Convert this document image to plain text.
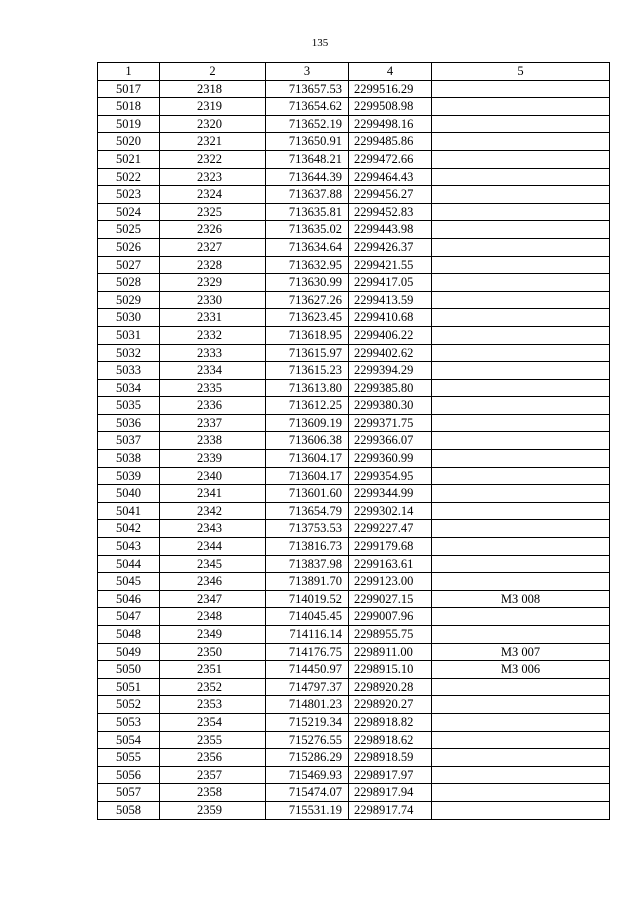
135
1	2	3	4	5
5017	2318	713657.53	2299516.29	
5018	2319	713654.62	2299508.98	
5019	2320	713652.19	2299498.16	
5020	2321	713650.91	2299485.86	
5021	2322	713648.21	2299472.66	
5022	2323	713644.39	2299464.43	
5023	2324	713637.88	2299456.27	
5024	2325	713635.81	2299452.83	
5025	2326	713635.02	2299443.98	
5026	2327	713634.64	2299426.37	
5027	2328	713632.95	2299421.55	
5028	2329	713630.99	2299417.05	
5029	2330	713627.26	2299413.59	
5030	2331	713623.45	2299410.68	
5031	2332	713618.95	2299406.22	
5032	2333	713615.97	2299402.62	
5033	2334	713615.23	2299394.29	
5034	2335	713613.80	2299385.80	
5035	2336	713612.25	2299380.30	
5036	2337	713609.19	2299371.75	
5037	2338	713606.38	2299366.07	
5038	2339	713604.17	2299360.99	
5039	2340	713604.17	2299354.95	
5040	2341	713601.60	2299344.99	
5041	2342	713654.79	2299302.14	
5042	2343	713753.53	2299227.47	
5043	2344	713816.73	2299179.68	
5044	2345	713837.98	2299163.61	
5045	2346	713891.70	2299123.00	
5046	2347	714019.52	2299027.15	МЗ 008
5047	2348	714045.45	2299007.96	
5048	2349	714116.14	2298955.75	
5049	2350	714176.75	2298911.00	МЗ 007
5050	2351	714450.97	2298915.10	МЗ 006
5051	2352	714797.37	2298920.28	
5052	2353	714801.23	2298920.27	
5053	2354	715219.34	2298918.82	
5054	2355	715276.55	2298918.62	
5055	2356	715286.29	2298918.59	
5056	2357	715469.93	2298917.97	
5057	2358	715474.07	2298917.94	
5058	2359	715531.19	2298917.74	
